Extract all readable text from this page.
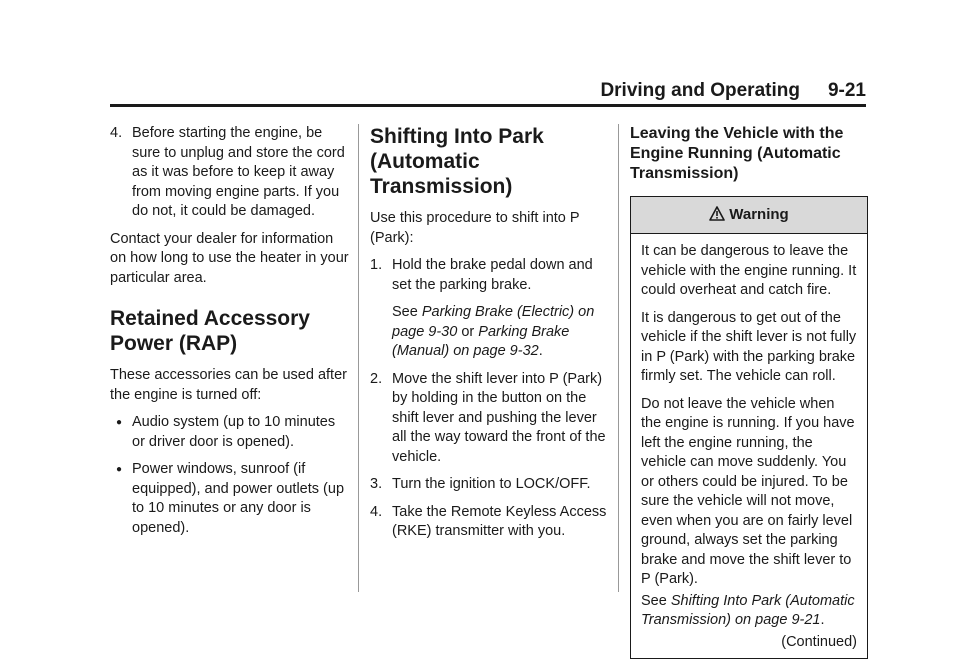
Driving and Operating 9-21
4. Before starting the engine, be sure to unplug and store the cord as it was before to keep it away from moving engine parts. If you do not, it could be damaged.

Contact your dealer for information on how long to use the heater in your particular area.

Retained Accessory Power (RAP)

These accessories can be used after the engine is turned off:

● Audio system (up to 10 minutes or driver door is opened).
● Power windows, sunroof (if equipped), and power outlets (up to 10 minutes or any door is opened).
Shifting Into Park (Automatic Transmission)

Use this procedure to shift into P (Park):

1. Hold the brake pedal down and set the parking brake.

See Parking Brake (Electric) on page 9-30 or Parking Brake (Manual) on page 9-32.

2. Move the shift lever into P (Park) by holding in the button on the shift lever and pushing the lever all the way toward the front of the vehicle.
3. Turn the ignition to LOCK/OFF.
4. Take the Remote Keyless Access (RKE) transmitter with you.
Leaving the Vehicle with the Engine Running (Automatic Transmission)
Warning

It can be dangerous to leave the vehicle with the engine running. It could overheat and catch fire.

It is dangerous to get out of the vehicle if the shift lever is not fully in P (Park) with the parking brake firmly set. The vehicle can roll.

Do not leave the vehicle when the engine is running. If you have left the engine running, the vehicle can move suddenly. You or others could be injured. To be sure the vehicle will not move, even when you are on fairly level ground, always set the parking brake and move the shift lever to P (Park).

See Shifting Into Park (Automatic Transmission) on page 9-21.

(Continued)
